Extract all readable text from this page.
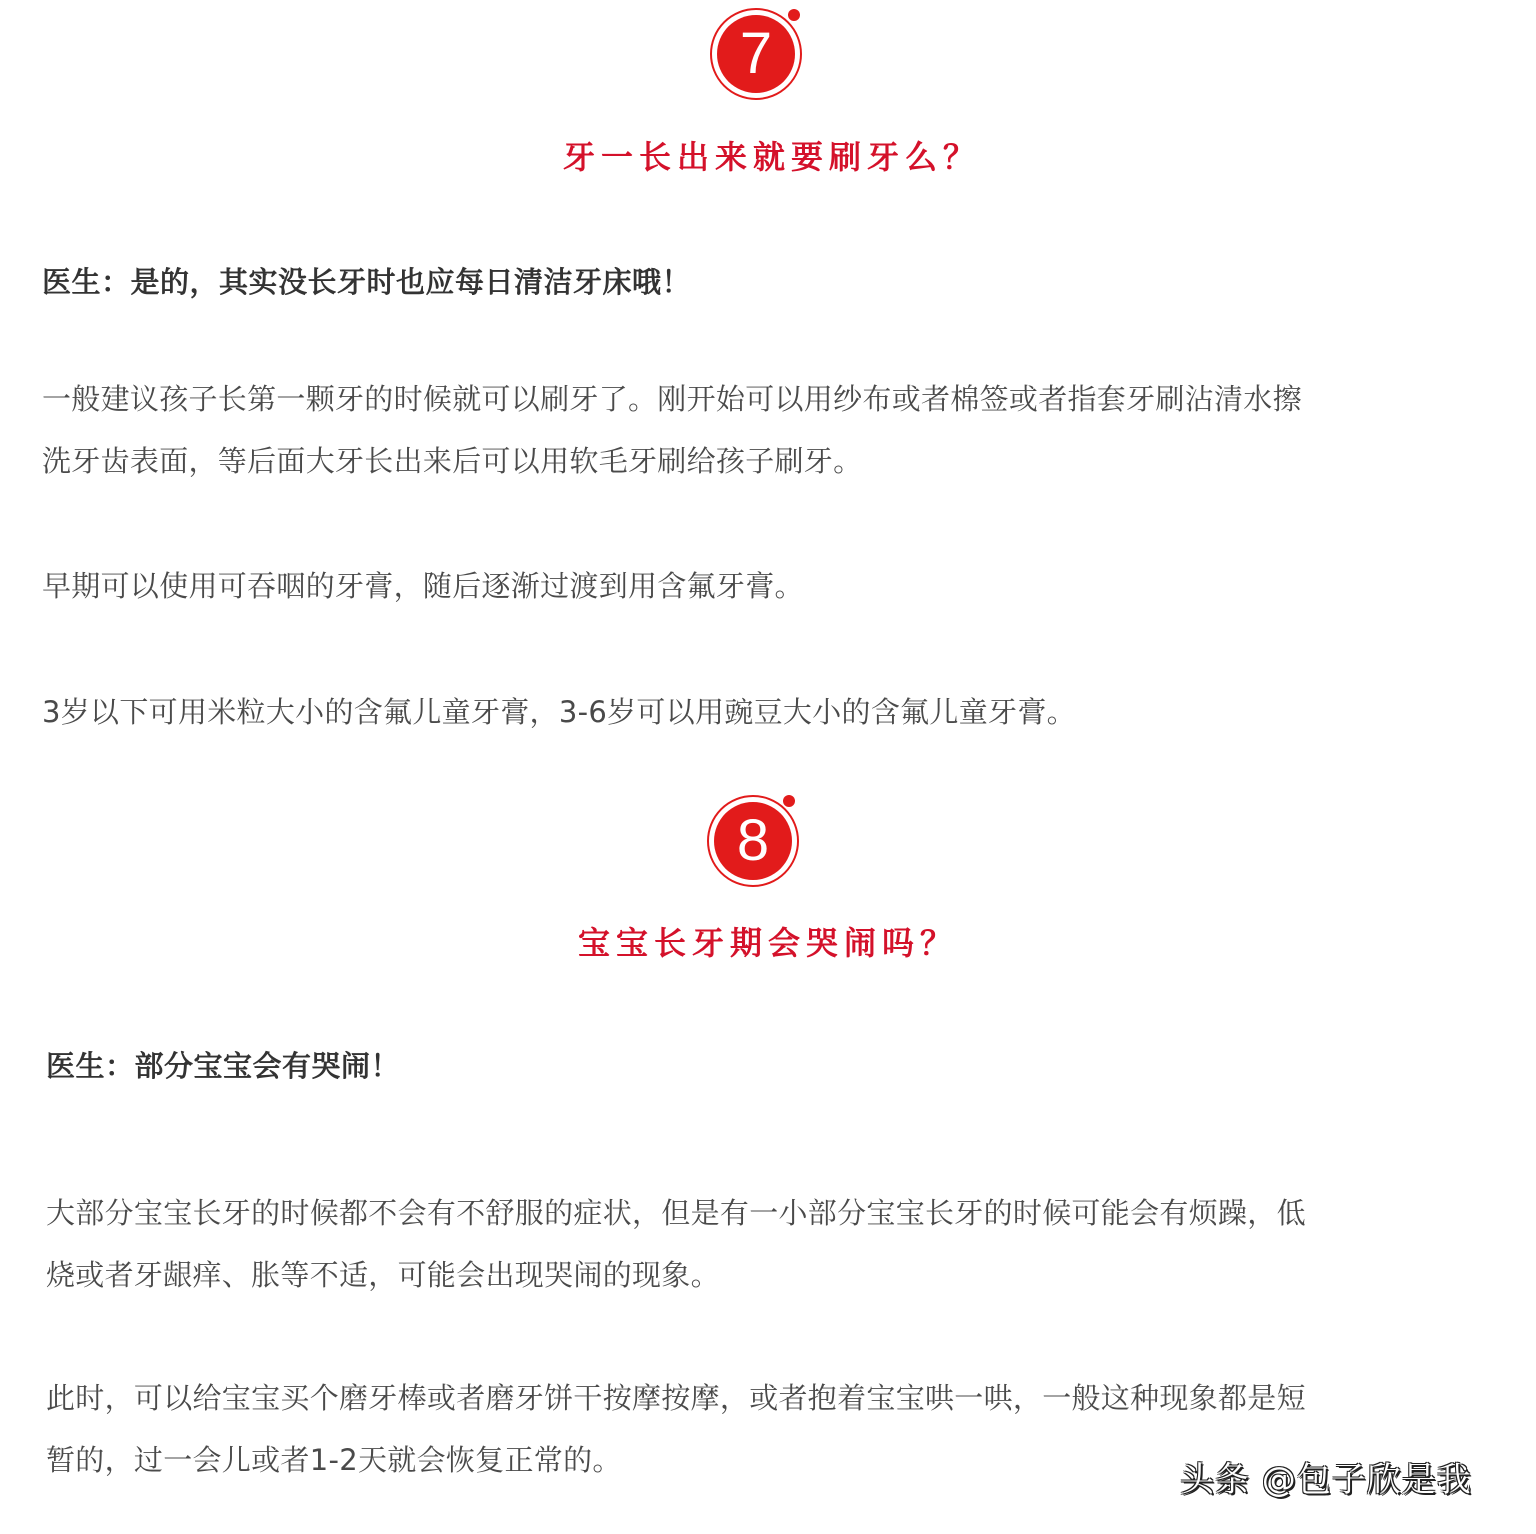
7
牙一长出来就要刷牙么？
医生：是的，其实没长牙时也应每日清洁牙床哦！
一般建议孩子长第一颗牙的时候就可以刷牙了。刚开始可以用纱布或者棉签或者指套牙刷沾清水擦
洗牙齿表面，等后面大牙长出来后可以用软毛牙刷给孩子刷牙。
早期可以使用可吞咽的牙膏，随后逐渐过渡到用含氟牙膏。
3岁以下可用米粒大小的含氟儿童牙膏，3-6岁可以用豌豆大小的含氟儿童牙膏。
8
宝宝长牙期会哭闹吗？
医生：部分宝宝会有哭闹！
大部分宝宝长牙的时候都不会有不舒服的症状，但是有一小部分宝宝长牙的时候可能会有烦躁，低
烧或者牙龈痒、胀等不适，可能会出现哭闹的现象。
此时，可以给宝宝买个磨牙棒或者磨牙饼干按摩按摩，或者抱着宝宝哄一哄，一般这种现象都是短
暂的，过一会儿或者1-2天就会恢复正常的。	头条 @包子欣是我
